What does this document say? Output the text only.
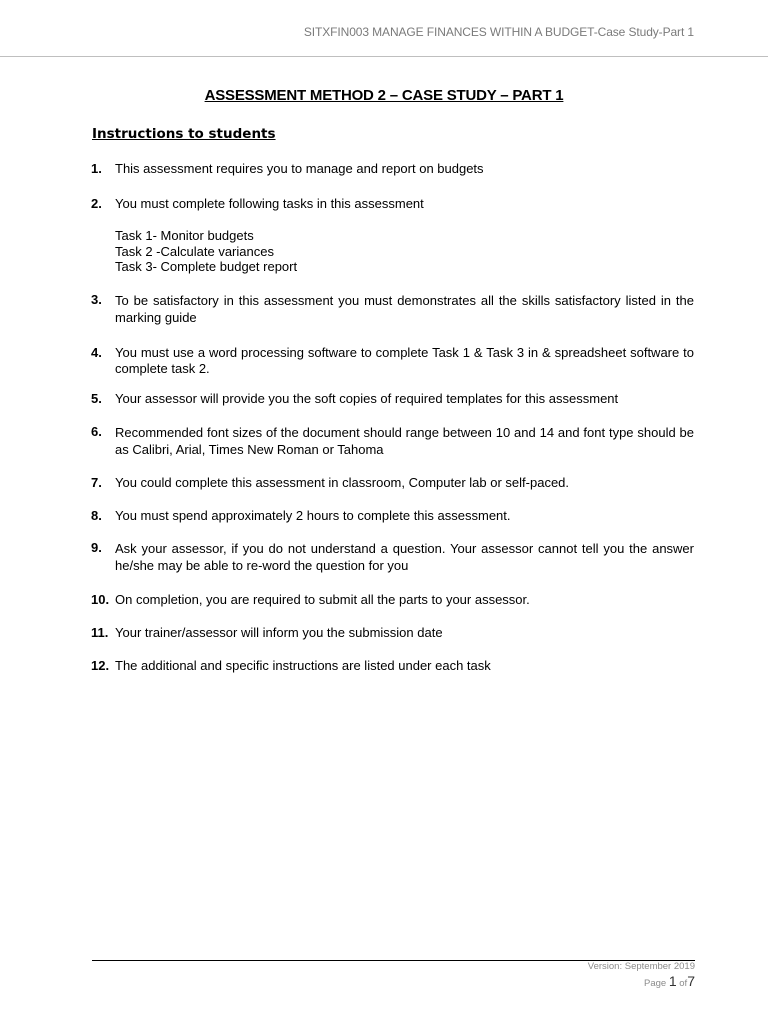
SITXFIN003 MANAGE FINANCES WITHIN A BUDGET-Case Study-Part 1
ASSESSMENT METHOD 2 – CASE STUDY – PART 1
Instructions to students
1. This assessment requires you to manage and report on budgets
2. You must complete following tasks in this assessment
Task 1- Monitor budgets
Task 2 -Calculate variances
Task 3- Complete budget report
3. To be satisfactory in this assessment you must demonstrates all the skills satisfactory listed in the marking guide
4. You must use a word processing software to complete Task 1 & Task 3 in & spreadsheet software to complete task 2.
5. Your assessor will provide you the soft copies of required templates for this assessment
6. Recommended font sizes of the document should range between 10 and 14 and font type should be as Calibri, Arial, Times New Roman or Tahoma
7. You could complete this assessment in classroom, Computer lab or self-paced.
8. You must spend approximately 2 hours to complete this assessment.
9. Ask your assessor, if you do not understand a question. Your assessor cannot tell you the answer he/she may be able to re-word the question for you
10. On completion, you are required to submit all the parts to your assessor.
11. Your trainer/assessor will inform you the submission date
12. The additional and specific instructions are listed under each task
Version: September 2019
Page 1 of7
